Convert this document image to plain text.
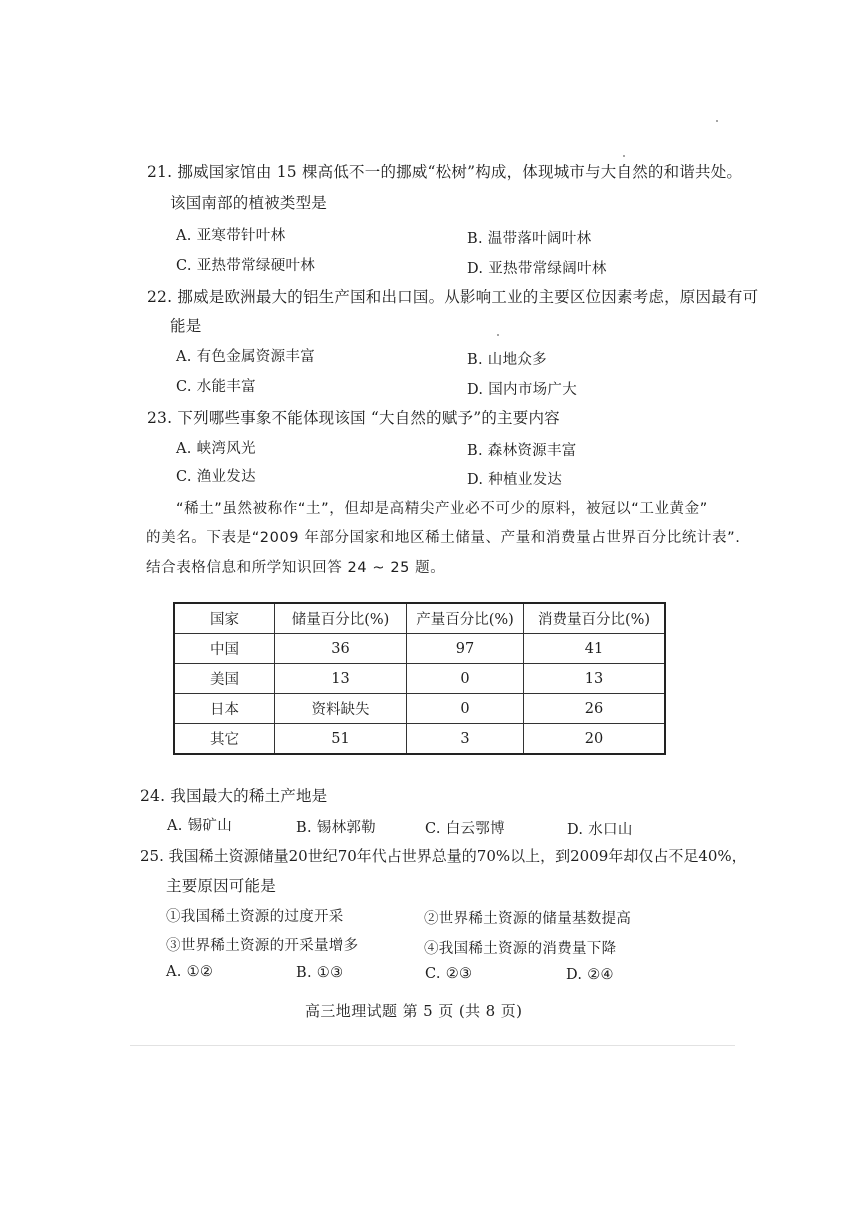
21. 挪威国家馆由 15 棵高低不一的挪威“松树”构成，体现城市与大自然的和谐共处。
该国南部的植被类型是
A. 亚寒带针叶林	B. 温带落叶阔叶林
C. 亚热带常绿硬叶林	D. 亚热带常绿阔叶林
22. 挪威是欧洲最大的铝生产国和出口国。从影响工业的主要区位因素考虑，原因最有可
能是
A. 有色金属资源丰富	B. 山地众多
C. 水能丰富	D. 国内市场广大
23. 下列哪些事象不能体现该国 “大自然的赋予”的主要内容
A. 峡湾风光	B. 森林资源丰富
C. 渔业发达	D. 种植业发达
“稀土”虽然被称作“土”，但却是高精尖产业必不可少的原料，被冠以“工业黄金”
的美名。下表是“2009 年部分国家和地区稀土储量、产量和消费量占世界百分比统计表”.
结合表格信息和所学知识回答 24 ~ 25 题。
国家	储量百分比(%)	产量百分比(%)	消费量百分比(%)
中国	36	97	41
美国	13	0	13
日本	资料缺失	0	26
其它	51	3	20
24. 我国最大的稀土产地是
A. 锡矿山	B. 锡林郭勒	C. 白云鄂博	D. 水口山
25. 我国稀土资源储量20世纪70年代占世界总量的70%以上，到2009年却仅占不足40%，
主要原因可能是
①我国稀土资源的过度开采	②世界稀土资源的储量基数提高
③世界稀土资源的开采量增多	④我国稀土资源的消费量下降
A. ①②	B. ①③	C. ②③	D. ②④
高三地理试题 第 5 页 (共 8 页)
